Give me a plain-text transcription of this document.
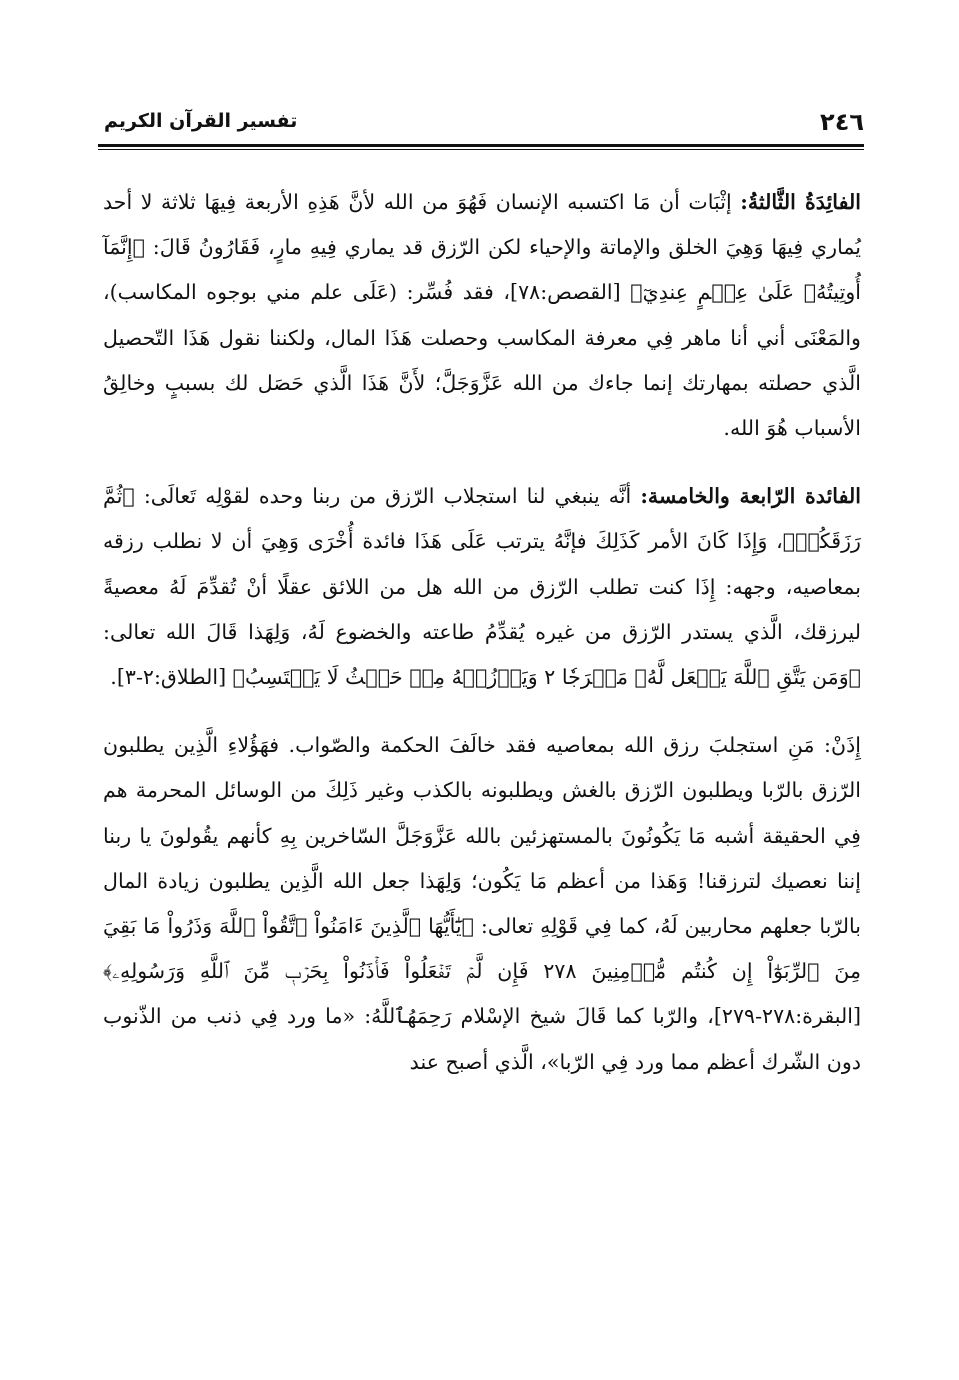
٢٤٦
تفسير القرآن الكريم

الفائِدَةُ الثَّالثةُ: إثْبَات أن مَا اكتسبه الإنسان فَهُوَ من الله لأنَّ هَذِهِ الأربعة فِيهَا ثلاثة لا أحد يُماري فِيهَا وَهِيَ الخلق والإماتة والإحياء لكن الرّزق قد يماري فِيهِ مارٍ، فَقَارُونُ قَالَ: ﴿إِنَّمَآ أُوتِيتُهُۥ عَلَىٰ عِلۡمٍ عِندِيٓ﴾ [القصص:٧٨]، فقد فُسِّر: (عَلَى علم مني بوجوه المكاسب)، والمَعْنَى أني أنا ماهر فِي معرفة المكاسب وحصلت هَذَا المال، ولكننا نقول هَذَا التّحصيل الَّذي حصلته بمهارتك إنما جاءك من الله عَزَّوَجَلَّ؛ لأَنَّ هَذَا الَّذي حَصَل لك بسببٍ وخالِقُ الأسباب هُوَ الله.

الفائدة الرّابعة والخامسة: أنَّه ينبغي لنا استجلاب الرّزق من ربنا وحده لقوْلِه تَعالَى: ﴿ثُمَّ رَزَقَكُمۡ﴾، وَإِذَا كَانَ الأمر كَذَلِكَ فإنَّهُ يترتب عَلَى هَذَا فائدة أُخْرَى وَهِيَ أن لا نطلب رزقه بمعاصيه، وجهه: إِذَا كنت تطلب الرّزق من الله هل من اللائق عقلًا أنْ تُقدِّمَ لَهُ معصيةً ليرزقك، الَّذي يستدر الرّزق من غيره يُقدِّمُ طاعته والخضوع لَهُ، وَلِهَذا قَالَ الله تعالى: ﴿وَمَن يَتَّقِ ٱللَّهَ يَجۡعَل لَّهُۥ مَخۡرَجٗا ٢ وَيَرۡزُقۡهُ مِنۡ حَيۡثُ لَا يَحۡتَسِبُ﴾ [الطلاق:٢-٣].

إِذَنْ: مَنِ استجلبَ رزق الله بمعاصيه فقد خالَفَ الحكمة والصّواب. فهَؤُلاءِ الَّذِين يطلبون الرّزق بالرّبا ويطلبون الرّزق بالغش ويطلبونه بالكذب وغير ذَلِكَ من الوسائل المحرمة هم فِي الحقيقة أشبه مَا يَكُونُونَ بالمستهزئين بالله عَزَّوَجَلَّ السّاخرين بِهِ كأنهم يقُولونَ يا ربنا إننا نعصيك لترزقنا! وَهَذا من أعظم مَا يَكُون؛ وَلِهَذا جعل الله الَّذِين يطلبون زيادة المال بالرّبا جعلهم محاربين لَهُ، كما فِي قَوْلِهِ تعالى: ﴿يَٰٓأَيُّهَا ٱلَّذِينَ ءَامَنُواْ ٱتَّقُواْ ٱللَّهَ وَذَرُواْ مَا بَقِيَ مِنَ ٱلرِّبَوٰٓاْ إِن كُنتُم مُّؤۡمِنِينَ ٢٧٨ فَإِن لَّمۡ تَفۡعَلُواْ فَأۡذَنُواْ بِحَرۡبٖ مِّنَ ٱللَّهِ وَرَسُولِهِۦ﴾ [البقرة:٢٧٨-٢٧٩]، والرّبا كما قَالَ شيخ الإسْلام رَحِمَهُٱللَّهُ: «ما ورد فِي ذنب من الذّنوب دون الشّرك أعظم مما ورد فِي الرّبا»، الَّذي أصبح عند
